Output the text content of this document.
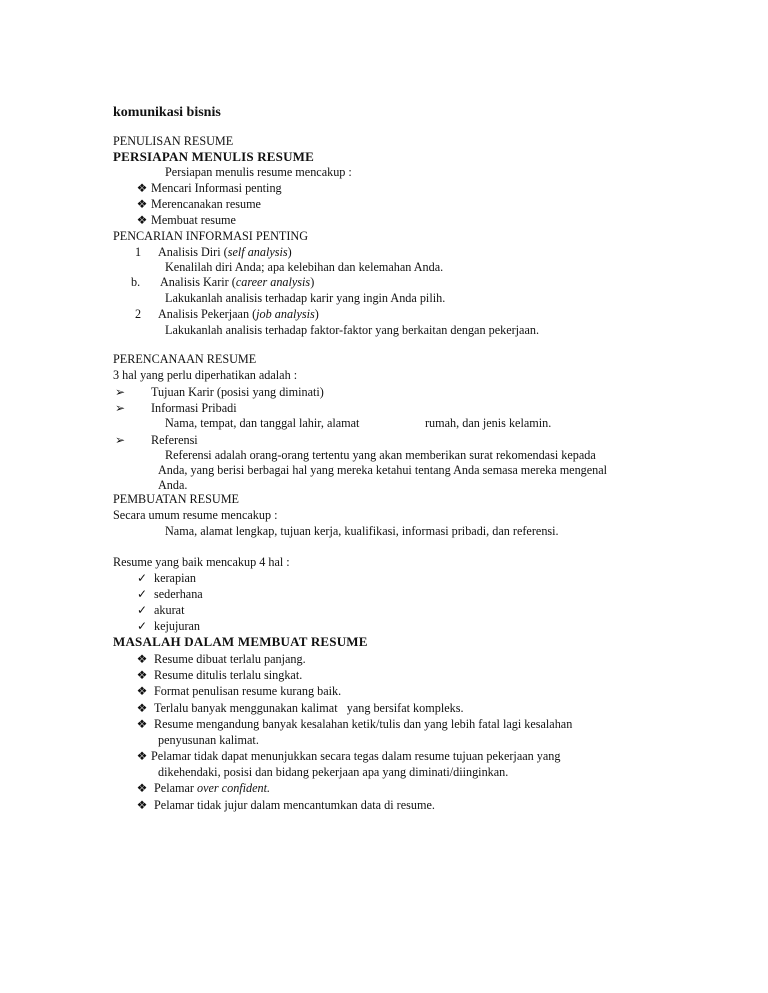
komunikasi bisnis
PENULISAN RESUME
PERSIAPAN MENULIS RESUME
Persiapan menulis resume mencakup :
❖ Mencari Informasi penting
❖ Merencanakan resume
❖ Membuat resume
PENCARIAN INFORMASI PENTING
1 Analisis Diri (self analysis)
Kenalilah diri Anda; apa kelebihan dan kelemahan Anda.
b. Analisis Karir (career analysis)
Lakukanlah analisis terhadap karir yang ingin Anda pilih.
2 Analisis Pekerjaan (job analysis)
Lakukanlah analisis terhadap faktor-faktor yang berkaitan dengan pekerjaan.
PERENCANAAN RESUME
3 hal yang perlu diperhatikan adalah :
➢ Tujuan Karir (posisi yang diminati)
➢ Informasi Pribadi
Nama, tempat, dan tanggal lahir, alamat	rumah, dan jenis kelamin.
➢ Referensi
Referensi adalah orang-orang tertentu yang akan memberikan surat rekomendasi kepada
Anda, yang berisi berbagai hal yang mereka ketahui tentang Anda semasa mereka mengenal
Anda.
PEMBUATAN RESUME
Secara umum resume mencakup :
Nama, alamat lengkap, tujuan kerja, kualifikasi, informasi pribadi, dan referensi.
Resume yang baik mencakup 4 hal :
✓ kerapian
✓ sederhana
✓ akurat
✓ kejujuran
MASALAH DALAM MEMBUAT RESUME
❖ Resume dibuat terlalu panjang.
❖ Resume ditulis terlalu singkat.
❖ Format penulisan resume kurang baik.
❖ Terlalu banyak menggunakan kalimat   yang bersifat kompleks.
❖ Resume mengandung banyak kesalahan ketik/tulis dan yang lebih fatal lagi kesalahan
penyusunan kalimat.
❖ Pelamar tidak dapat menunjukkan secara tegas dalam resume tujuan pekerjaan yang
dikehendaki, posisi dan bidang pekerjaan apa yang diminati/diinginkan.
❖ Pelamar over confident.
❖ Pelamar tidak jujur dalam mencantumkan data di resume.
